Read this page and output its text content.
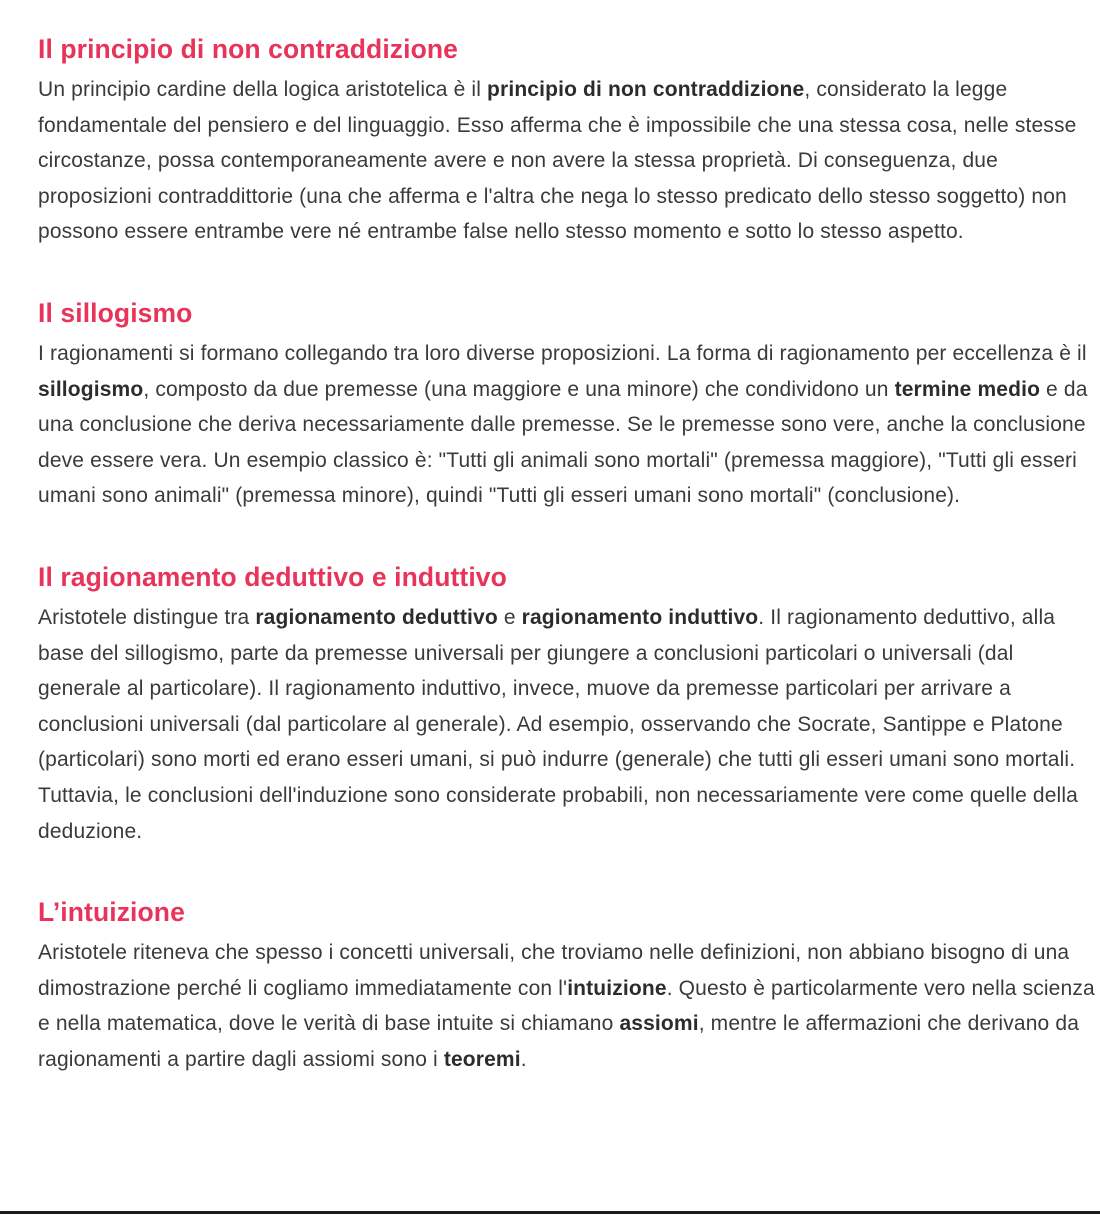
Il principio di non contraddizione

Un principio cardine della logica aristotelica è il principio di non contraddizione, considerato la legge fondamentale del pensiero e del linguaggio. Esso afferma che è impossibile che una stessa cosa, nelle stesse circostanze, possa contemporaneamente avere e non avere la stessa proprietà. Di conseguenza, due proposizioni contraddittorie (una che afferma e l'altra che nega lo stesso predicato dello stesso soggetto) non possono essere entrambe vere né entrambe false nello stesso momento e sotto lo stesso aspetto.

Il sillogismo

I ragionamenti si formano collegando tra loro diverse proposizioni. La forma di ragionamento per eccellenza è il sillogismo, composto da due premesse (una maggiore e una minore) che condividono un termine medio e da una conclusione che deriva necessariamente dalle premesse. Se le premesse sono vere, anche la conclusione deve essere vera. Un esempio classico è: "Tutti gli animali sono mortali" (premessa maggiore), "Tutti gli esseri umani sono animali" (premessa minore), quindi "Tutti gli esseri umani sono mortali" (conclusione).

Il ragionamento deduttivo e induttivo

Aristotele distingue tra ragionamento deduttivo e ragionamento induttivo. Il ragionamento deduttivo, alla base del sillogismo, parte da premesse universali per giungere a conclusioni particolari o universali (dal generale al particolare). Il ragionamento induttivo, invece, muove da premesse particolari per arrivare a conclusioni universali (dal particolare al generale). Ad esempio, osservando che Socrate, Santippe e Platone (particolari) sono morti ed erano esseri umani, si può indurre (generale) che tutti gli esseri umani sono mortali. Tuttavia, le conclusioni dell'induzione sono considerate probabili, non necessariamente vere come quelle della deduzione.

L’intuizione

Aristotele riteneva che spesso i concetti universali, che troviamo nelle definizioni, non abbiano bisogno di una dimostrazione perché li cogliamo immediatamente con l'intuizione. Questo è particolarmente vero nella scienza e nella matematica, dove le verità di base intuite si chiamano assiomi, mentre le affermazioni che derivano da ragionamenti a partire dagli assiomi sono i teoremi.
